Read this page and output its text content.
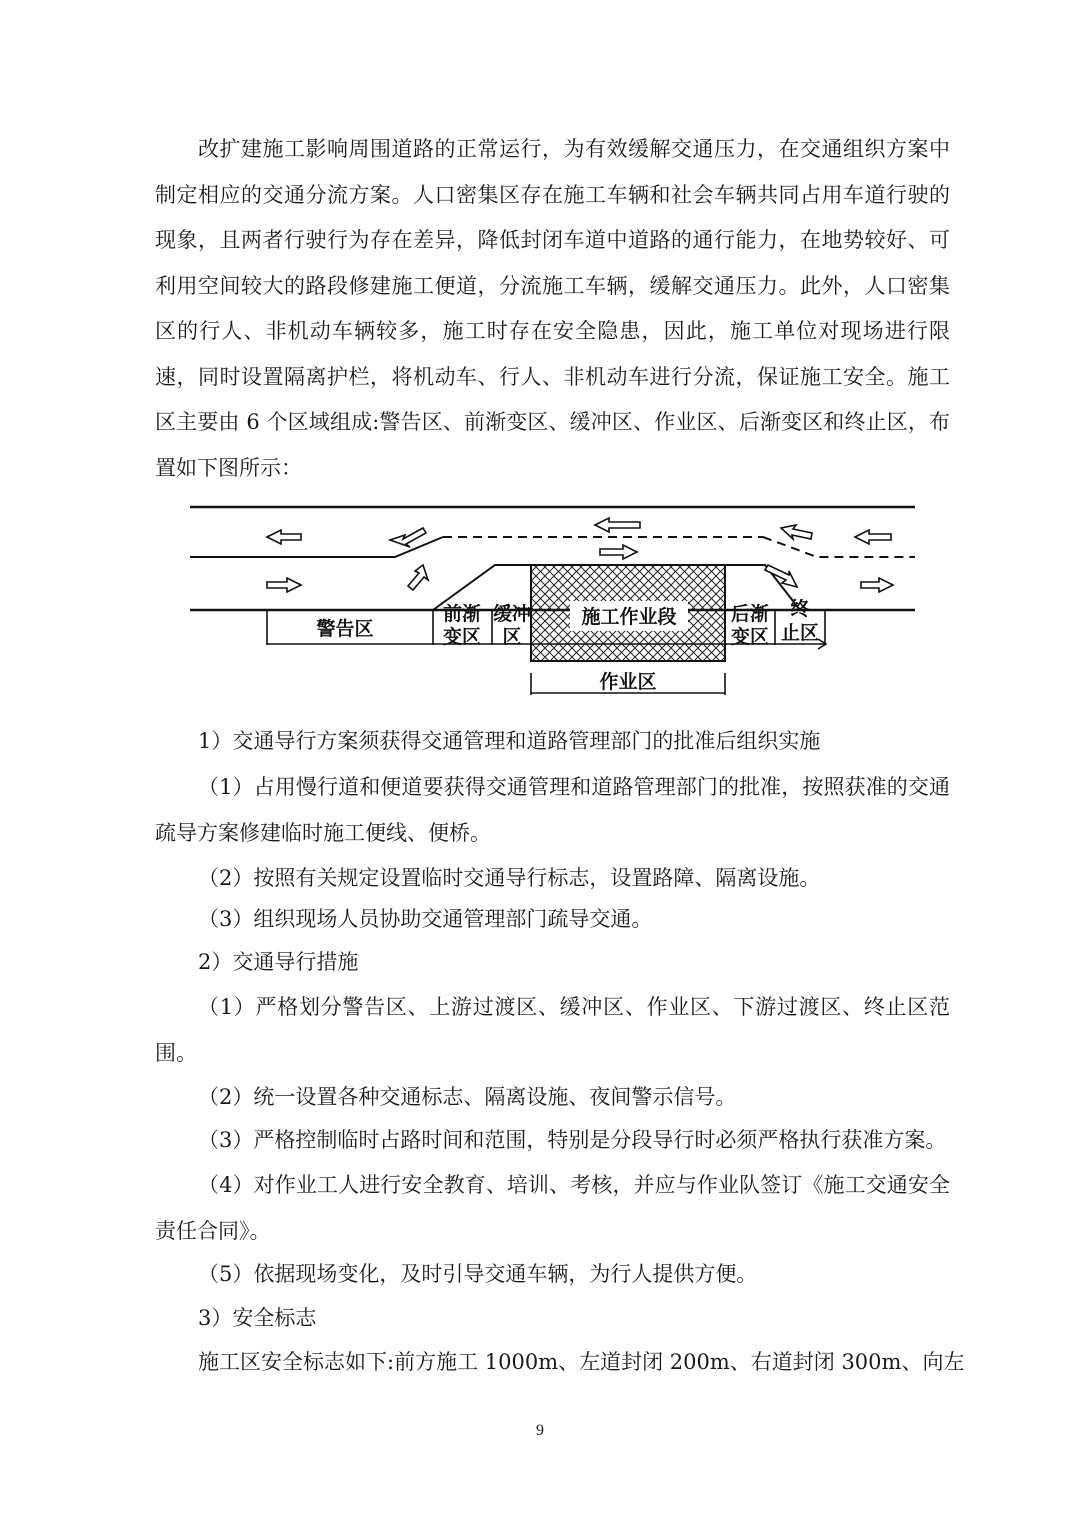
改扩建施工影响周围道路的正常运行，为有效缓解交通压力，在交通组织方案中制定相应的交通分流方案。人口密集区存在施工车辆和社会车辆共同占用车道行驶的现象，且两者行驶行为存在差异，降低封闭车道中道路的通行能力，在地势较好、可利用空间较大的路段修建施工便道，分流施工车辆，缓解交通压力。此外，人口密集区的行人、非机动车辆较多，施工时存在安全隐患，因此，施工单位对现场进行限速，同时设置隔离护栏，将机动车、行人、非机动车进行分流，保证施工安全。施工区主要由 6 个区域组成:警告区、前渐变区、缓冲区、作业区、后渐变区和终止区，布置如下图所示：

施工作业段
警告区
前渐
变区
缓冲
区
后渐
变区
终
止区
作业区

1）交通导行方案须获得交通管理和道路管理部门的批准后组织实施

（1）占用慢行道和便道要获得交通管理和道路管理部门的批准，按照获准的交通疏导方案修建临时施工便线、便桥。

（2）按照有关规定设置临时交通导行标志，设置路障、隔离设施。

（3）组织现场人员协助交通管理部门疏导交通。

2）交通导行措施

（1）严格划分警告区、上游过渡区、缓冲区、作业区、下游过渡区、终止区范围。

（2）统一设置各种交通标志、隔离设施、夜间警示信号。

（3）严格控制临时占路时间和范围，特别是分段导行时必须严格执行获准方案。

（4）对作业工人进行安全教育、培训、考核，并应与作业队签订《施工交通安全责任合同》。

（5）依据现场变化，及时引导交通车辆，为行人提供方便。

3）安全标志

施工区安全标志如下:前方施工 1000m、左道封闭 200m、右道封闭 300m、向左

9
